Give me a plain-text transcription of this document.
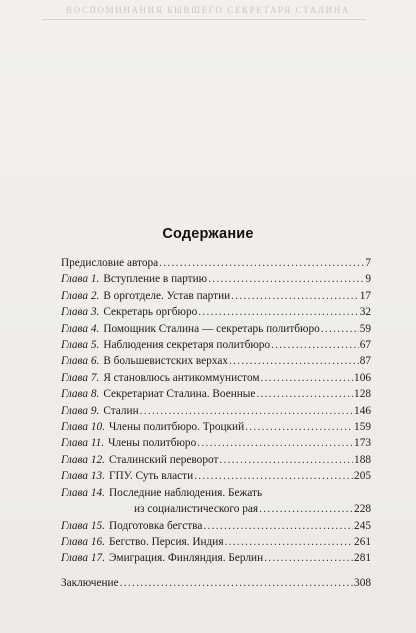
ВОСПОМИНАНИЯ БЫВШЕГО СЕКРЕТАРЯ СТАЛИНА

Содержание
Предисловие автора .....	7
Глава 1. Вступление в партию .....	9
Глава 2. В орготделе. Устав партии .....	17
Глава 3. Секретарь оргбюро .....	32
Глава 4. Помощник Сталина — секретарь политбюро .....	59
Глава 5. Наблюдения секретаря политбюро .....	67
Глава 6. В большевистских верхах .....	87
Глава 7. Я становлюсь антикоммунистом .....	106
Глава 8. Секретариат Сталина. Военные .....	128
Глава 9. Сталин .....	146
Глава 10. Члены политбюро. Троцкий .....	159
Глава 11. Члены политбюро .....	173
Глава 12. Сталинский переворот .....	188
Глава 13. ГПУ. Суть власти .....	205
Глава 14. Последние наблюдения. Бежать
из социалистического рая .....	228
Глава 15. Подготовка бегства .....	245
Глава 16. Бегство. Персия. Индия .....	261
Глава 17. Эмиграция. Финляндия. Берлин .....	281
Заключение .....	308
